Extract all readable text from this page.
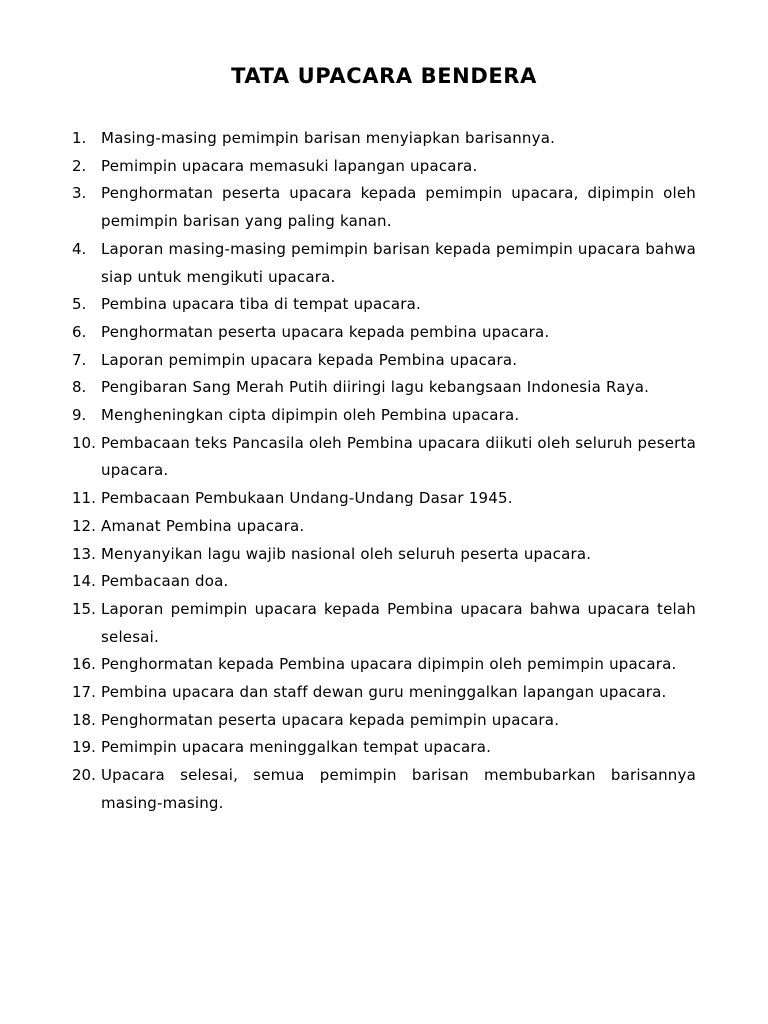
TATA UPACARA BENDERA
1. Masing-masing pemimpin barisan menyiapkan barisannya.
2. Pemimpin upacara memasuki lapangan upacara.
3. Penghormatan peserta upacara kepada pemimpin upacara, dipimpin oleh pemimpin barisan yang paling kanan.
4. Laporan masing-masing pemimpin barisan kepada pemimpin upacara bahwa siap untuk mengikuti upacara.
5. Pembina upacara tiba di tempat upacara.
6. Penghormatan peserta upacara kepada pembina upacara.
7. Laporan pemimpin upacara kepada Pembina upacara.
8. Pengibaran Sang Merah Putih diiringi lagu kebangsaan Indonesia Raya.
9. Mengheningkan cipta dipimpin oleh Pembina upacara.
10. Pembacaan teks Pancasila oleh Pembina upacara diikuti oleh seluruh peserta upacara.
11. Pembacaan Pembukaan Undang-Undang Dasar 1945.
12. Amanat Pembina upacara.
13. Menyanyikan lagu wajib nasional oleh seluruh peserta upacara.
14. Pembacaan doa.
15. Laporan pemimpin upacara kepada Pembina upacara bahwa upacara telah selesai.
16. Penghormatan kepada Pembina upacara dipimpin oleh pemimpin upacara.
17. Pembina upacara dan staff dewan guru meninggalkan lapangan upacara.
18. Penghormatan peserta upacara kepada pemimpin upacara.
19. Pemimpin upacara meninggalkan tempat upacara.
20. Upacara selesai, semua pemimpin barisan membubarkan barisannya masing-masing.
